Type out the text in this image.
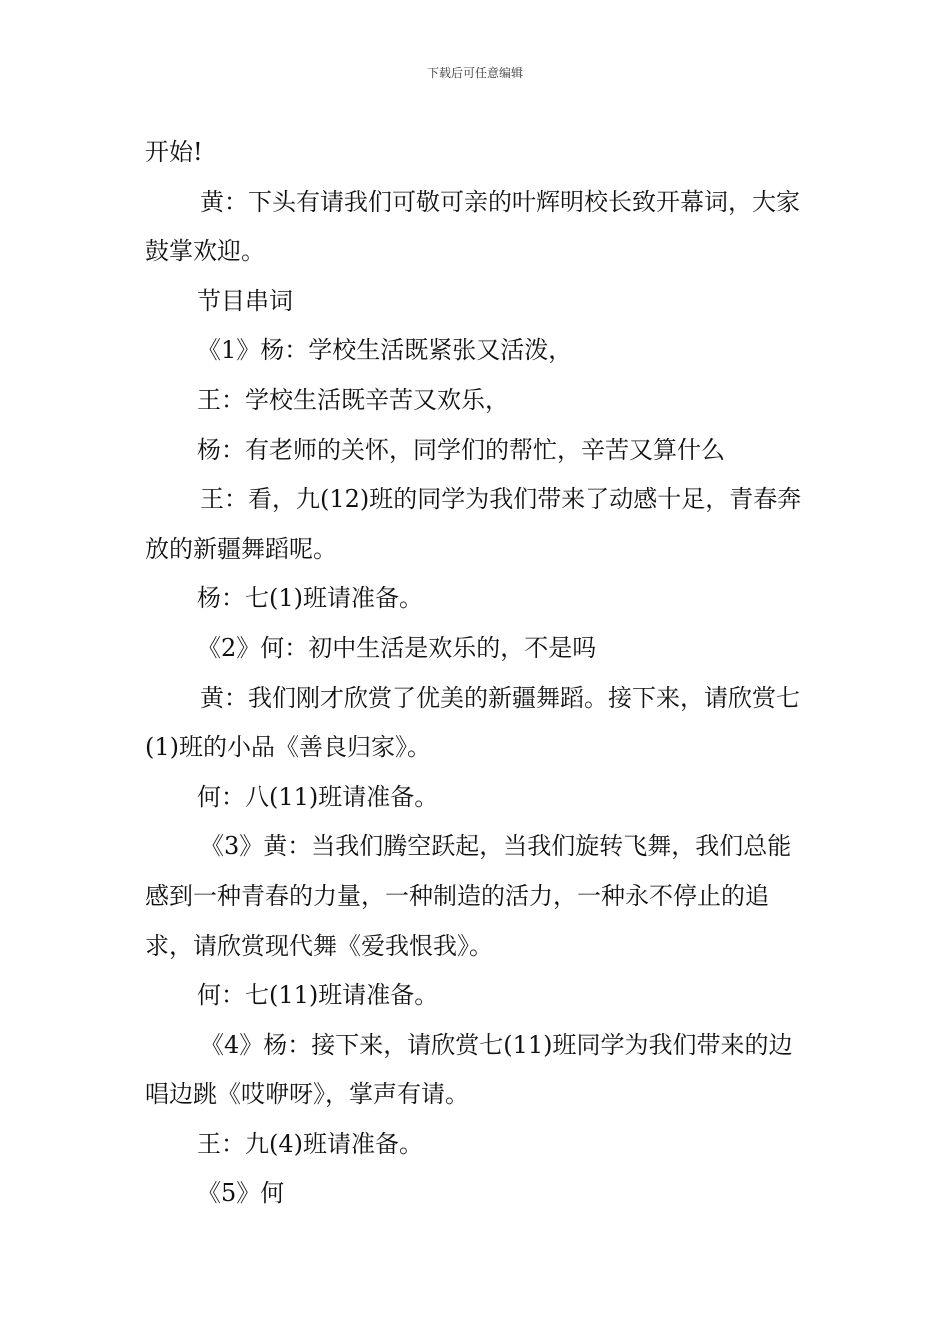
下载后可任意编辑

开始!

黄：下头有请我们可敬可亲的叶辉明校长致开幕词，大家鼓掌欢迎。

节目串词

《1》杨：学校生活既紧张又活泼，

王：学校生活既辛苦又欢乐，

杨：有老师的关怀，同学们的帮忙，辛苦又算什么

王：看，九(12)班的同学为我们带来了动感十足，青春奔放的新疆舞蹈呢。

杨：七(1)班请准备。

《2》何：初中生活是欢乐的，不是吗

黄：我们刚才欣赏了优美的新疆舞蹈。接下来，请欣赏七(1)班的小品《善良归家》。

何：八(11)班请准备。

《3》黄：当我们腾空跃起，当我们旋转飞舞，我们总能感到一种青春的力量，一种制造的活力，一种永不停止的追求，请欣赏现代舞《爱我恨我》。

何：七(11)班请准备。

《4》杨：接下来，请欣赏七(11)班同学为我们带来的边唱边跳《哎咿呀》，掌声有请。

王：九(4)班请准备。

《5》何
